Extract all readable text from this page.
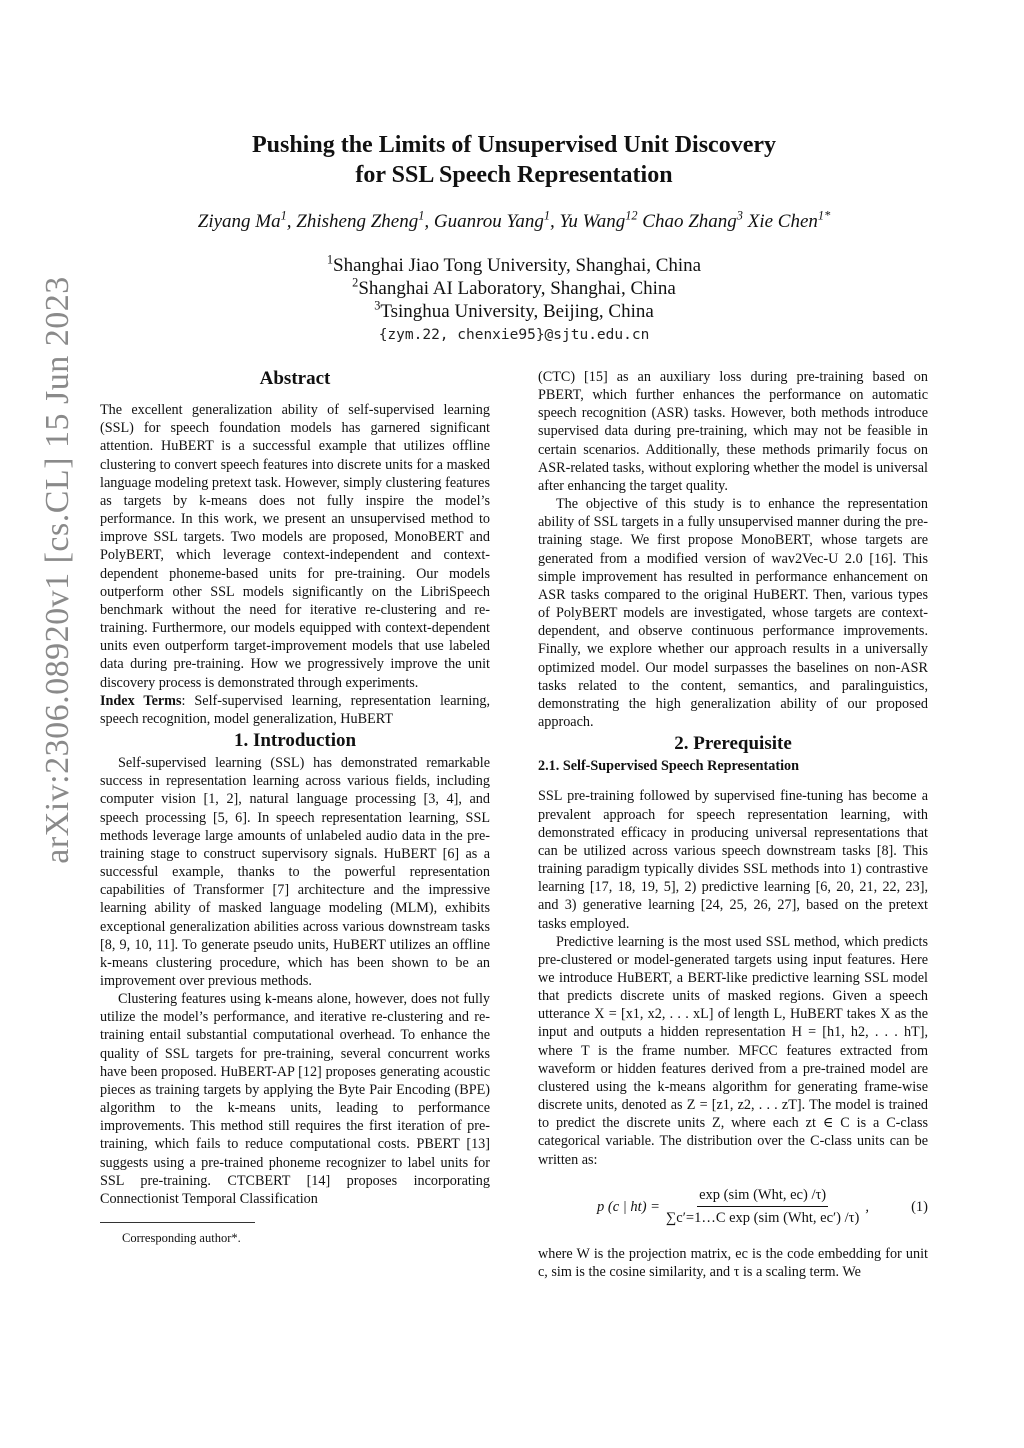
arXiv:2306.08920v1 [cs.CL] 15 Jun 2023
Pushing the Limits of Unsupervised Unit Discovery
for SSL Speech Representation
Ziyang Ma$^1$, Zhisheng Zheng$^1$, Guanrou Yang$^1$, Yu Wang$^{12}$ Chao Zhang$^3$ Xie Chen$^{1*}$
$^1$Shanghai Jiao Tong University, Shanghai, China
$^2$Shanghai AI Laboratory, Shanghai, China
$^3$Tsinghua University, Beijing, China
{zym.22, chenxie95}@sjtu.edu.cn

Abstract

The excellent generalization ability of self-supervised learning (SSL) for speech foundation models has garnered significant attention. HuBERT is a successful example that utilizes offline clustering to convert speech features into discrete units for a masked language modeling pretext task. However, simply clustering features as targets by k-means does not fully inspire the model’s performance. In this work, we present an unsupervised method to improve SSL targets. Two models are proposed, MonoBERT and PolyBERT, which leverage context-independent and context-dependent phoneme-based units for pre-training. Our models outperform other SSL models significantly on the LibriSpeech benchmark without the need for iterative re-clustering and re-training. Furthermore, our models equipped with context-dependent units even outperform target-improvement models that use labeled data during pre-training. How we progressively improve the unit discovery process is demonstrated through experiments.

Index Terms: Self-supervised learning, representation learning, speech recognition, model generalization, HuBERT

1. Introduction

Self-supervised learning (SSL) has demonstrated remarkable success in representation learning across various fields, including computer vision [1, 2], natural language processing [3, 4], and speech processing [5, 6]. In speech representation learning, SSL methods leverage large amounts of unlabeled audio data in the pre-training stage to construct supervisory signals. HuBERT [6] as a successful example, thanks to the powerful representation capabilities of Transformer [7] architecture and the impressive learning ability of masked language modeling (MLM), exhibits exceptional generalization abilities across various downstream tasks [8, 9, 10, 11]. To generate pseudo units, HuBERT utilizes an offline k-means clustering procedure, which has been shown to be an improvement over previous methods.

Clustering features using k-means alone, however, does not fully utilize the model’s performance, and iterative re-clustering and re-training entail substantial computational overhead. To enhance the quality of SSL targets for pre-training, several concurrent works have been proposed. HuBERT-AP [12] proposes generating acoustic pieces as training targets by applying the Byte Pair Encoding (BPE) algorithm to the k-means units, leading to performance improvements. This method still requires the first iteration of pre-training, which fails to reduce computational costs. PBERT [13] suggests using a pre-trained phoneme recognizer to label units for SSL pre-training. CTCBERT [14] proposes incorporating Connectionist Temporal Classification

Corresponding author*.

(CTC) [15] as an auxiliary loss during pre-training based on PBERT, which further enhances the performance on automatic speech recognition (ASR) tasks. However, both methods introduce supervised data during pre-training, which may not be feasible in certain scenarios. Additionally, these methods primarily focus on ASR-related tasks, without exploring whether the model is universal after enhancing the target quality.

The objective of this study is to enhance the representation ability of SSL targets in a fully unsupervised manner during the pre-training stage. We first propose MonoBERT, whose targets are generated from a modified version of wav2Vec-U 2.0 [16]. This simple improvement has resulted in performance enhancement on ASR tasks compared to the original HuBERT. Then, various types of PolyBERT models are investigated, whose targets are context-dependent, and observe continuous performance improvements. Finally, we explore whether our approach results in a universally optimized model. Our model surpasses the baselines on non-ASR tasks related to the content, semantics, and paralinguistics, demonstrating the high generalization ability of our proposed approach.

2. Prerequisite

2.1. Self-Supervised Speech Representation

SSL pre-training followed by supervised fine-tuning has become a prevalent approach for speech representation learning, with demonstrated efficacy in producing universal representations that can be utilized across various speech downstream tasks [8]. This training paradigm typically divides SSL methods into 1) contrastive learning [17, 18, 19, 5], 2) predictive learning [6, 20, 21, 22, 23], and 3) generative learning [24, 25, 26, 27], based on the pretext tasks employed.

Predictive learning is the most used SSL method, which predicts pre-clustered or model-generated targets using input features. Here we introduce HuBERT, a BERT-like predictive learning SSL model that predicts discrete units of masked regions. Given a speech utterance X = [x1, x2, . . . xL] of length L, HuBERT takes X as the input and outputs a hidden representation H = [h1, h2, . . . hT], where T is the frame number. MFCC features extracted from waveform or hidden features derived from a pre-trained model are clustered using the k-means algorithm for generating frame-wise discrete units, denoted as Z = [z1, z2, . . . zT]. The model is trained to predict the discrete units Z, where each zt ∈ C is a C-class categorical variable. The distribution over the C-class units can be written as:

p (c | $ht) = \frac{\text{exp (sim (Wht, ec) /τ)}}{\text{∑c′=1…C exp (sim (Wht, ec′) /τ)}}$ ,	(1)

where W is the projection matrix, ec is the code embedding for unit c, sim is the cosine similarity, and τ is a scaling term. We
